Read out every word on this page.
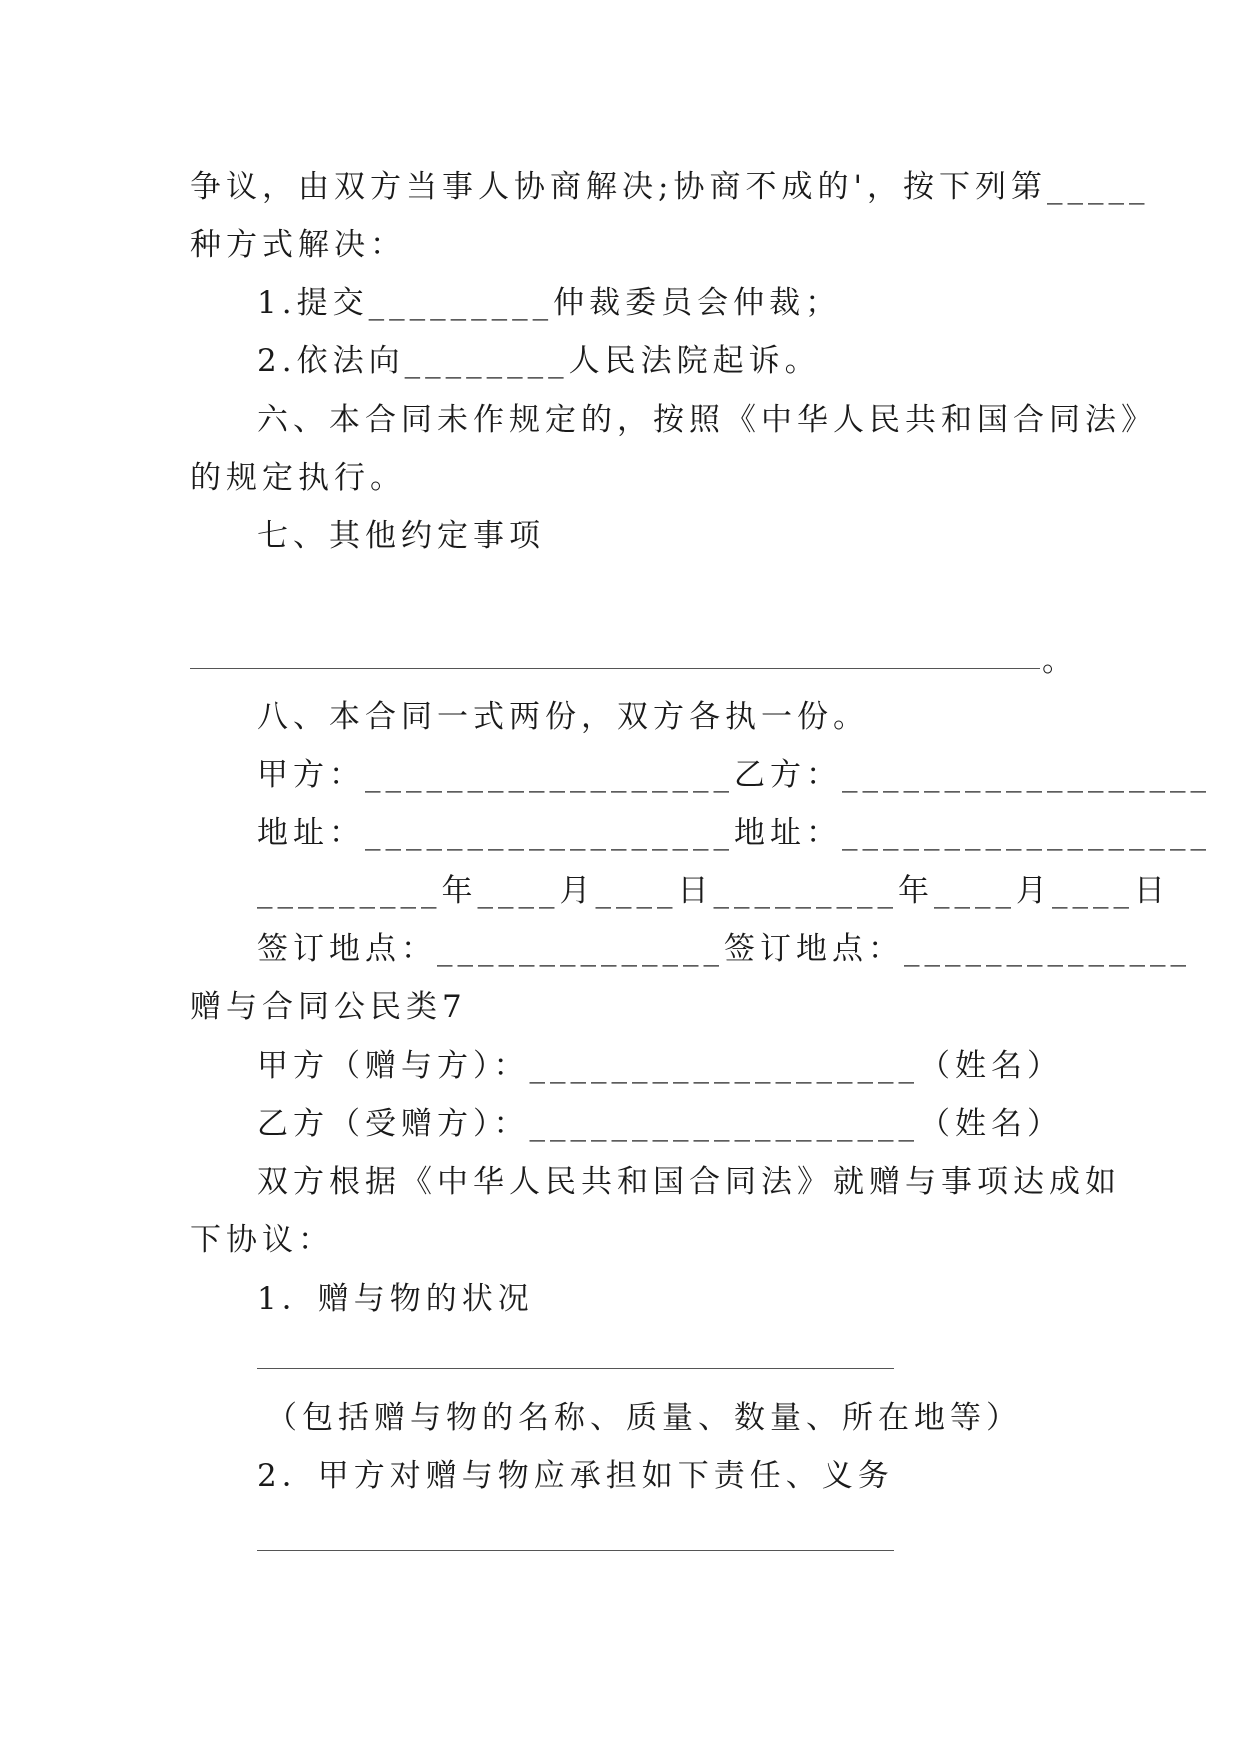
争议，由双方当事人协商解决;协商不成的'，按下列第_____
种方式解决：
1.提交_________仲裁委员会仲裁；
2.依法向________人民法院起诉。
六、本合同未作规定的，按照《中华人民共和国合同法》
的规定执行。
七、其他约定事项
。
八、本合同一式两份，双方各执一份。
甲方：__________________乙方：__________________
地址：__________________地址：__________________
_________年____月____日_________年____月____日
签订地点：______________签订地点：______________
赠与合同公民类7
甲方（赠与方）：___________________（姓名）
乙方（受赠方）：___________________（姓名）
双方根据《中华人民共和国合同法》就赠与事项达成如
下协议：
1．赠与物的状况
（包括赠与物的名称、质量、数量、所在地等）
2．甲方对赠与物应承担如下责任、义务
